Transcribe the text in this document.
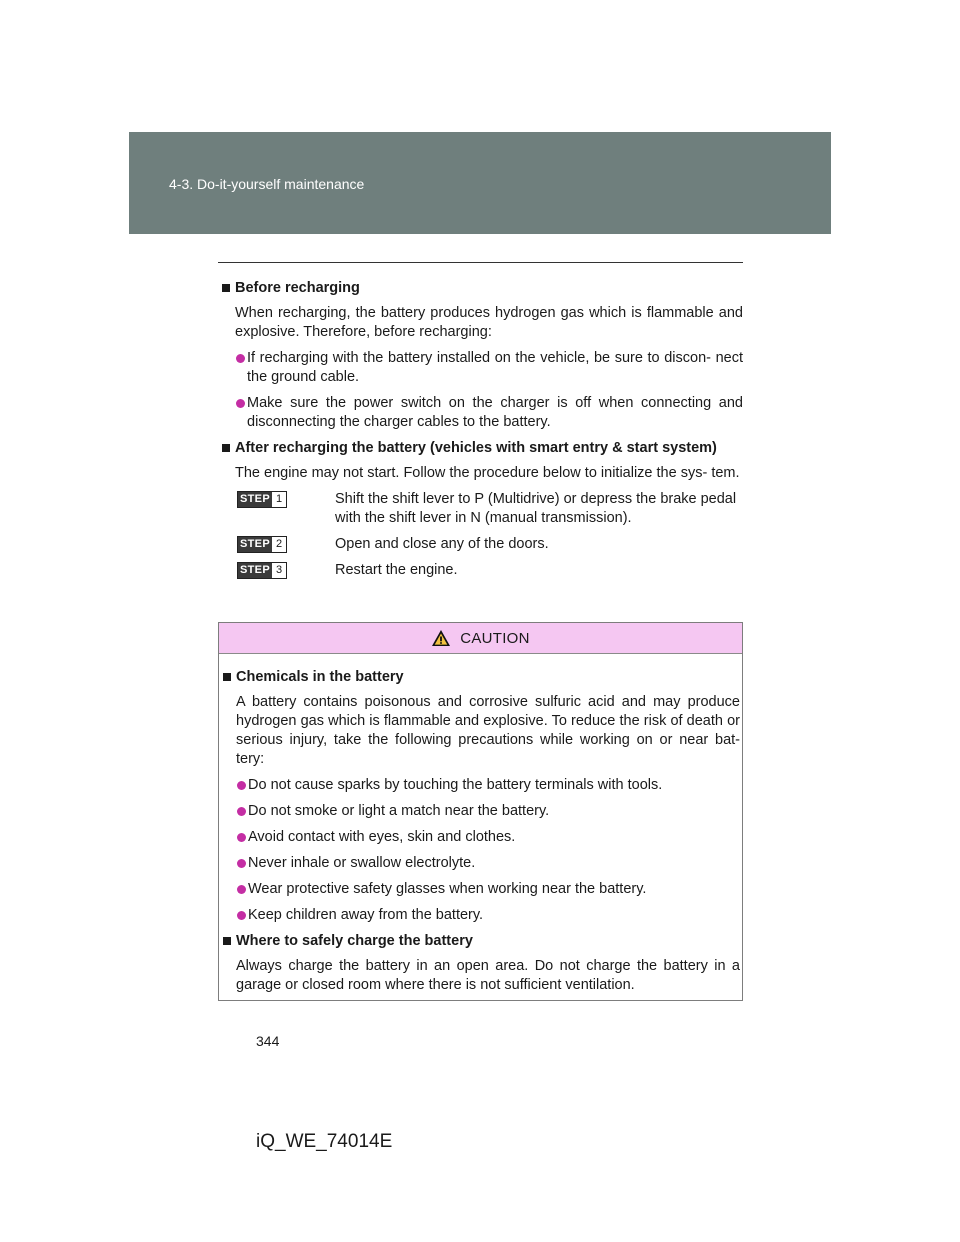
4-3. Do-it-yourself maintenance
Before recharging
When recharging, the battery produces hydrogen gas which is flammable and explosive. Therefore, before recharging:
If recharging with the battery installed on the vehicle, be sure to discon- nect the ground cable.
Make sure the power switch on the charger is off when connecting and disconnecting the charger cables to the battery.
After recharging the battery (vehicles with smart entry & start system)
The engine may not start. Follow the procedure below to initialize the sys- tem.
STEP 1	Shift the shift lever to P (Multidrive) or depress the brake pedal with the shift lever in N (manual transmission).
STEP 2	Open and close any of the doors.
STEP 3	Restart the engine.
CAUTION
Chemicals in the battery
A battery contains poisonous and corrosive sulfuric acid and may produce hydrogen gas which is flammable and explosive. To reduce the risk of death or serious injury, take the following precautions while working on or near bat- tery:
Do not cause sparks by touching the battery terminals with tools.
Do not smoke or light a match near the battery.
Avoid contact with eyes, skin and clothes.
Never inhale or swallow electrolyte.
Wear protective safety glasses when working near the battery.
Keep children away from the battery.
Where to safely charge the battery
Always charge the battery in an open area. Do not charge the battery in a garage or closed room where there is not sufficient ventilation.
344
iQ_WE_74014E
